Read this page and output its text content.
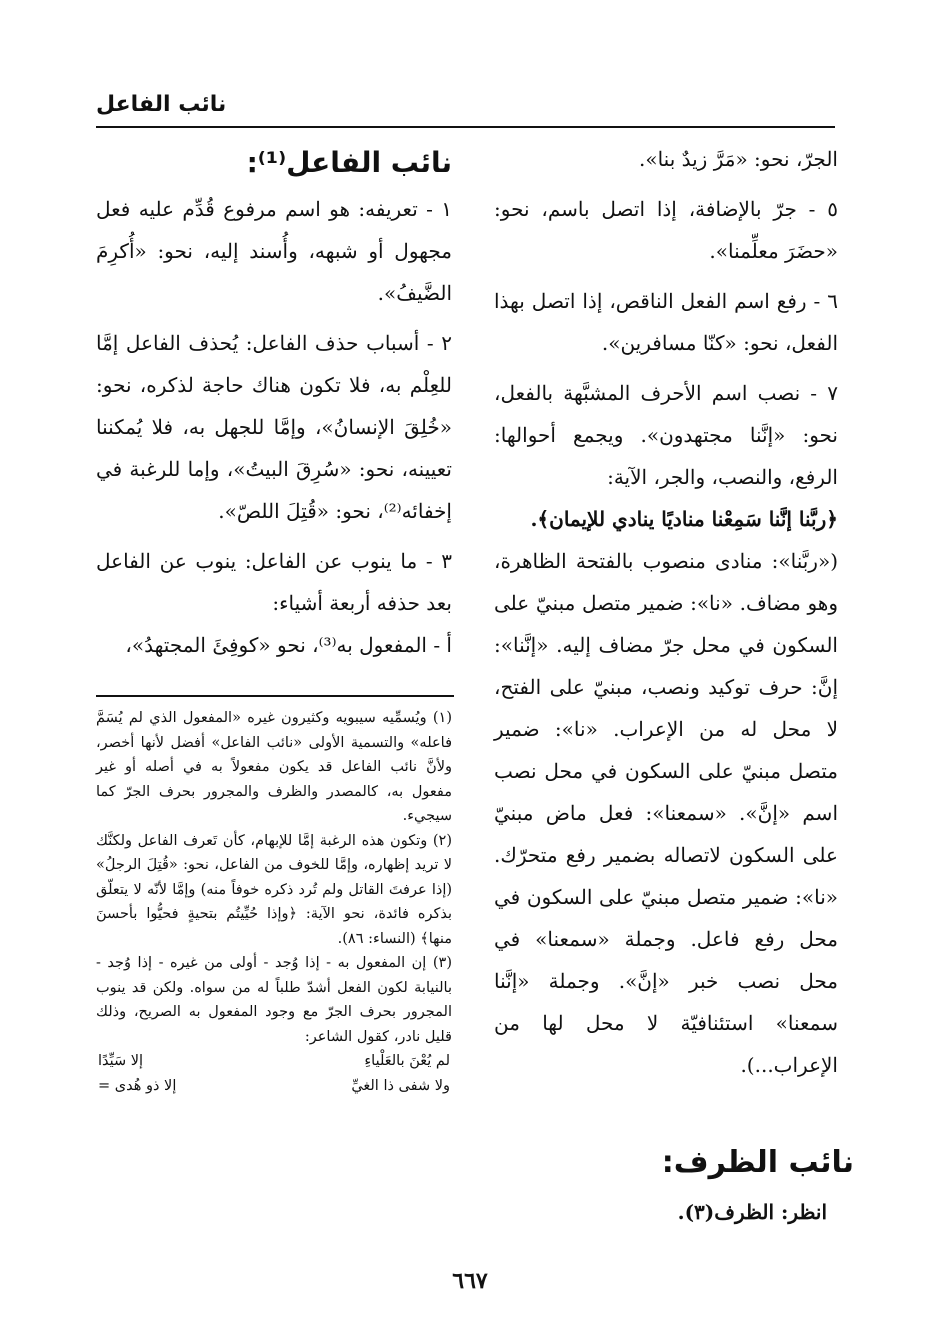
نائب الفاعل

نائب الفاعل⁽¹⁾:

١ - تعريفه: هو اسم مرفوع قُدِّم عليه فعل مجهول أو شبهه، وأُسند إليه، نحو: «أُكرِمَ الضَّيفُ».

٢ - أسباب حذف الفاعل: يُحذف الفاعل إمَّا للعِلْم به، فلا تكون هناك حاجة لذكره، نحو: «خُلِقَ الإنسانُ»، وإمَّا للجهل به، فلا يُمكننا تعيينه، نحو: «سُرِقَ البيتُ»، وإما للرغبة في إخفائه⁽²⁾، نحو: «قُتِلَ اللصّ».

٣ - ما ينوب عن الفاعل: ينوب عن الفاعل بعد حذفه أربعة أشياء:

أ - المفعول به⁽³⁾، نحو «كوفِئَ المجتهدُ»،

(١) ويُسمِّيه سيبويه وكثيرون غيره «المفعول الذي لم يُسَمَّ فاعله» والتسمية الأولى «نائب الفاعل» أفضل لأنها أخصر، ولأنَّ نائب الفاعل قد يكون مفعولاً به في أصله أو غير مفعول به، كالمصدر والظرف والمجرور بحرف الجرّ كما سيجيء.

(٢) وتكون هذه الرغبة إمَّا للإبهام، كأن تَعرف الفاعل ولكنَّك لا تريد إظهاره، وإمَّا للخوف من الفاعل، نحو: «قُتِلَ الرجلُ» (إذا عرفتَ القاتل ولم تُرد ذكره خوفاً منه) وإمَّا لأنّه لا يتعلّق بذكره فائدة، نحو الآية: ﴿وإذا حُيِّيتُم بتحيةٍ فحيُّوا بأحسنَ منها﴾ (النساء: ٨٦).

(٣) إن المفعول به - إذا وُجد - أولى من غيره - إذا وُجد - بالنيابة لكون الفعل أشدّ طلباً له من سواه. ولكن قد ينوب المجرور بحرف الجرّ مع وجود المفعول به الصريح، وذلك قليل نادر، كقول الشاعر:

لم يُعْنَ بالعَلْياءِ
إلا سَيِّدًا
ولا شفى ذا الغيِّ
إلا ذو هُدى =

الجرّ، نحو: «مَرَّ زيدٌ بنا».

٥ - جرّ بالإضافة، إذا اتصل باسم، نحو: «حضَرَ معلِّمنا».

٦ - رفع اسم الفعل الناقص، إذا اتصل بهذا الفعل، نحو: «كنّا مسافرين».

٧ - نصب اسم الأحرف المشبَّهة بالفعل، نحو: «إنَّنا مجتهدون». ويجمع أحوالها: الرفع، والنصب، والجر، الآية:

﴿ربَّنا إنَّنا سَمِعْنا مناديًا ينادي للإيمان﴾.

(«ربَّنا»: منادى منصوب بالفتحة الظاهرة، وهو مضاف. «نا»: ضمير متصل مبنيّ على السكون في محل جرّ مضاف إليه. «إنَّنا»: إنَّ: حرف توكيد ونصب، مبنيّ على الفتح، لا محل له من الإعراب. «نا»: ضمير متصل مبنيّ على السكون في محل نصب اسم «إنَّ». «سمعنا»: فعل ماض مبنيّ على السكون لاتصاله بضمير رفع متحرّك. «نا»: ضمير متصل مبنيّ على السكون في محل رفع فاعل. وجملة «سمعنا» في محل نصب خبر «إنَّ». وجملة «إنَّنا سمعنا» استئنافيّة لا محل لها من الإعراب...).

نائب الظرف:
انظر: الظرف(٣).
٦٦٧
